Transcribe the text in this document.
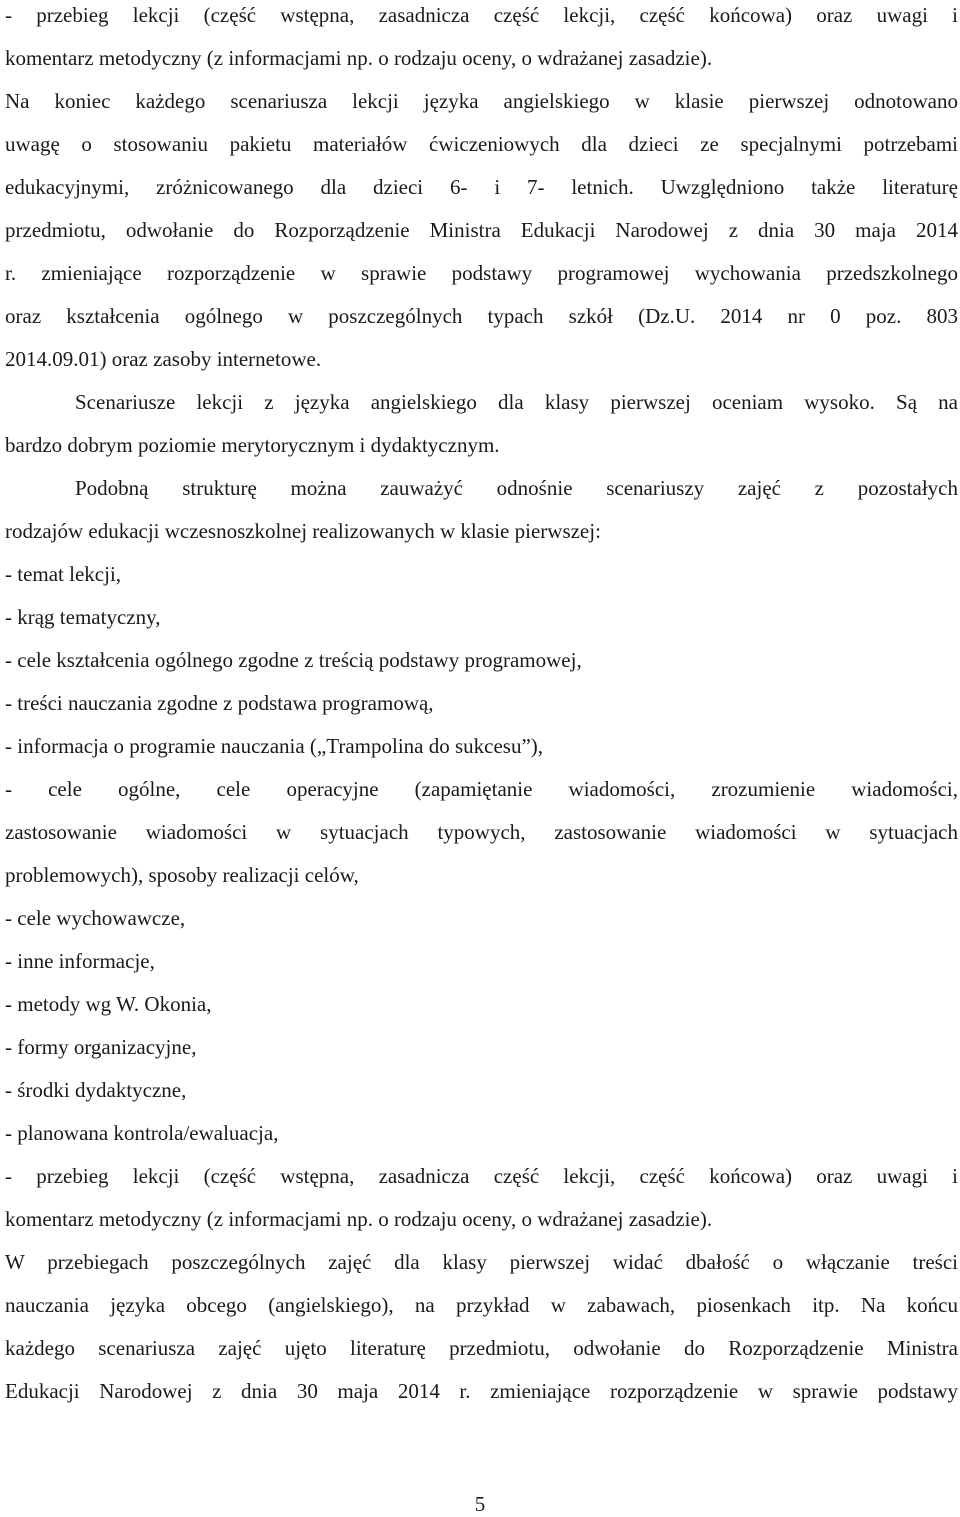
- przebieg lekcji (część wstępna, zasadnicza część lekcji, część końcowa) oraz uwagi i
komentarz metodyczny (z informacjami np. o rodzaju oceny, o wdrażanej zasadzie).
Na koniec każdego scenariusza lekcji języka angielskiego w klasie pierwszej odnotowano
uwagę o stosowaniu pakietu materiałów ćwiczeniowych dla dzieci ze specjalnymi potrzebami
edukacyjnymi, zróżnicowanego dla dzieci 6- i 7- letnich. Uwzględniono także literaturę
przedmiotu, odwołanie do Rozporządzenie Ministra Edukacji Narodowej z dnia 30 maja 2014
r. zmieniające rozporządzenie w sprawie podstawy programowej wychowania przedszkolnego
oraz kształcenia ogólnego w poszczególnych typach szkół (Dz.U. 2014 nr 0 poz. 803
2014.09.01) oraz zasoby internetowe.
Scenariusze lekcji z języka angielskiego dla klasy pierwszej oceniam wysoko. Są na
bardzo dobrym poziomie merytorycznym i dydaktycznym.
Podobną strukturę można zauważyć odnośnie scenariuszy zajęć z pozostałych
rodzajów edukacji wczesnoszkolnej realizowanych w klasie pierwszej:
- temat lekcji,
- krąg tematyczny,
- cele kształcenia ogólnego zgodne z treścią podstawy programowej,
- treści nauczania zgodne z podstawa programową,
- informacja o programie nauczania („Trampolina do sukcesu”),
- cele ogólne, cele operacyjne (zapamiętanie wiadomości, zrozumienie wiadomości,
zastosowanie wiadomości w sytuacjach typowych, zastosowanie wiadomości w sytuacjach
problemowych), sposoby realizacji celów,
- cele wychowawcze,
- inne informacje,
- metody wg W. Okonia,
- formy organizacyjne,
- środki dydaktyczne,
- planowana kontrola/ewaluacja,
- przebieg lekcji (część wstępna, zasadnicza część lekcji, część końcowa) oraz uwagi i
komentarz metodyczny (z informacjami np. o rodzaju oceny, o wdrażanej zasadzie).
W przebiegach poszczególnych zajęć dla klasy pierwszej widać dbałość o włączanie treści
nauczania języka obcego (angielskiego), na przykład w zabawach, piosenkach itp. Na końcu
każdego scenariusza zajęć ujęto literaturę przedmiotu, odwołanie do Rozporządzenie Ministra
Edukacji Narodowej z dnia 30 maja 2014 r. zmieniające rozporządzenie w sprawie podstawy
5
